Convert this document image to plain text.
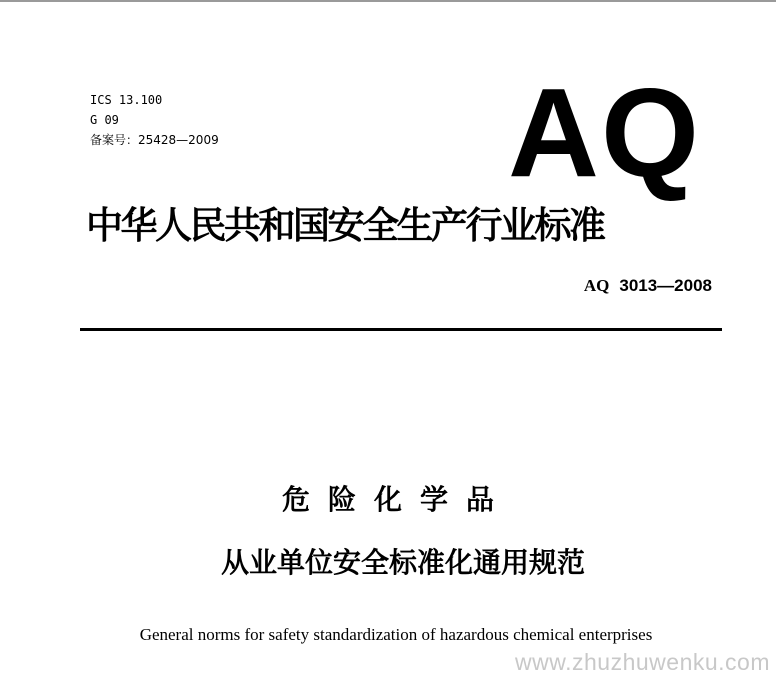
ICS 13.100
G 09
备案号：25428—2009 AQ
中华人民共和国安全生产行业标准
AQ 3013—2008
危险化学品
从业单位安全标准化通用规范
General norms for safety standardization of hazardous chemical enterprises
www.zhuzhuwenku.com
